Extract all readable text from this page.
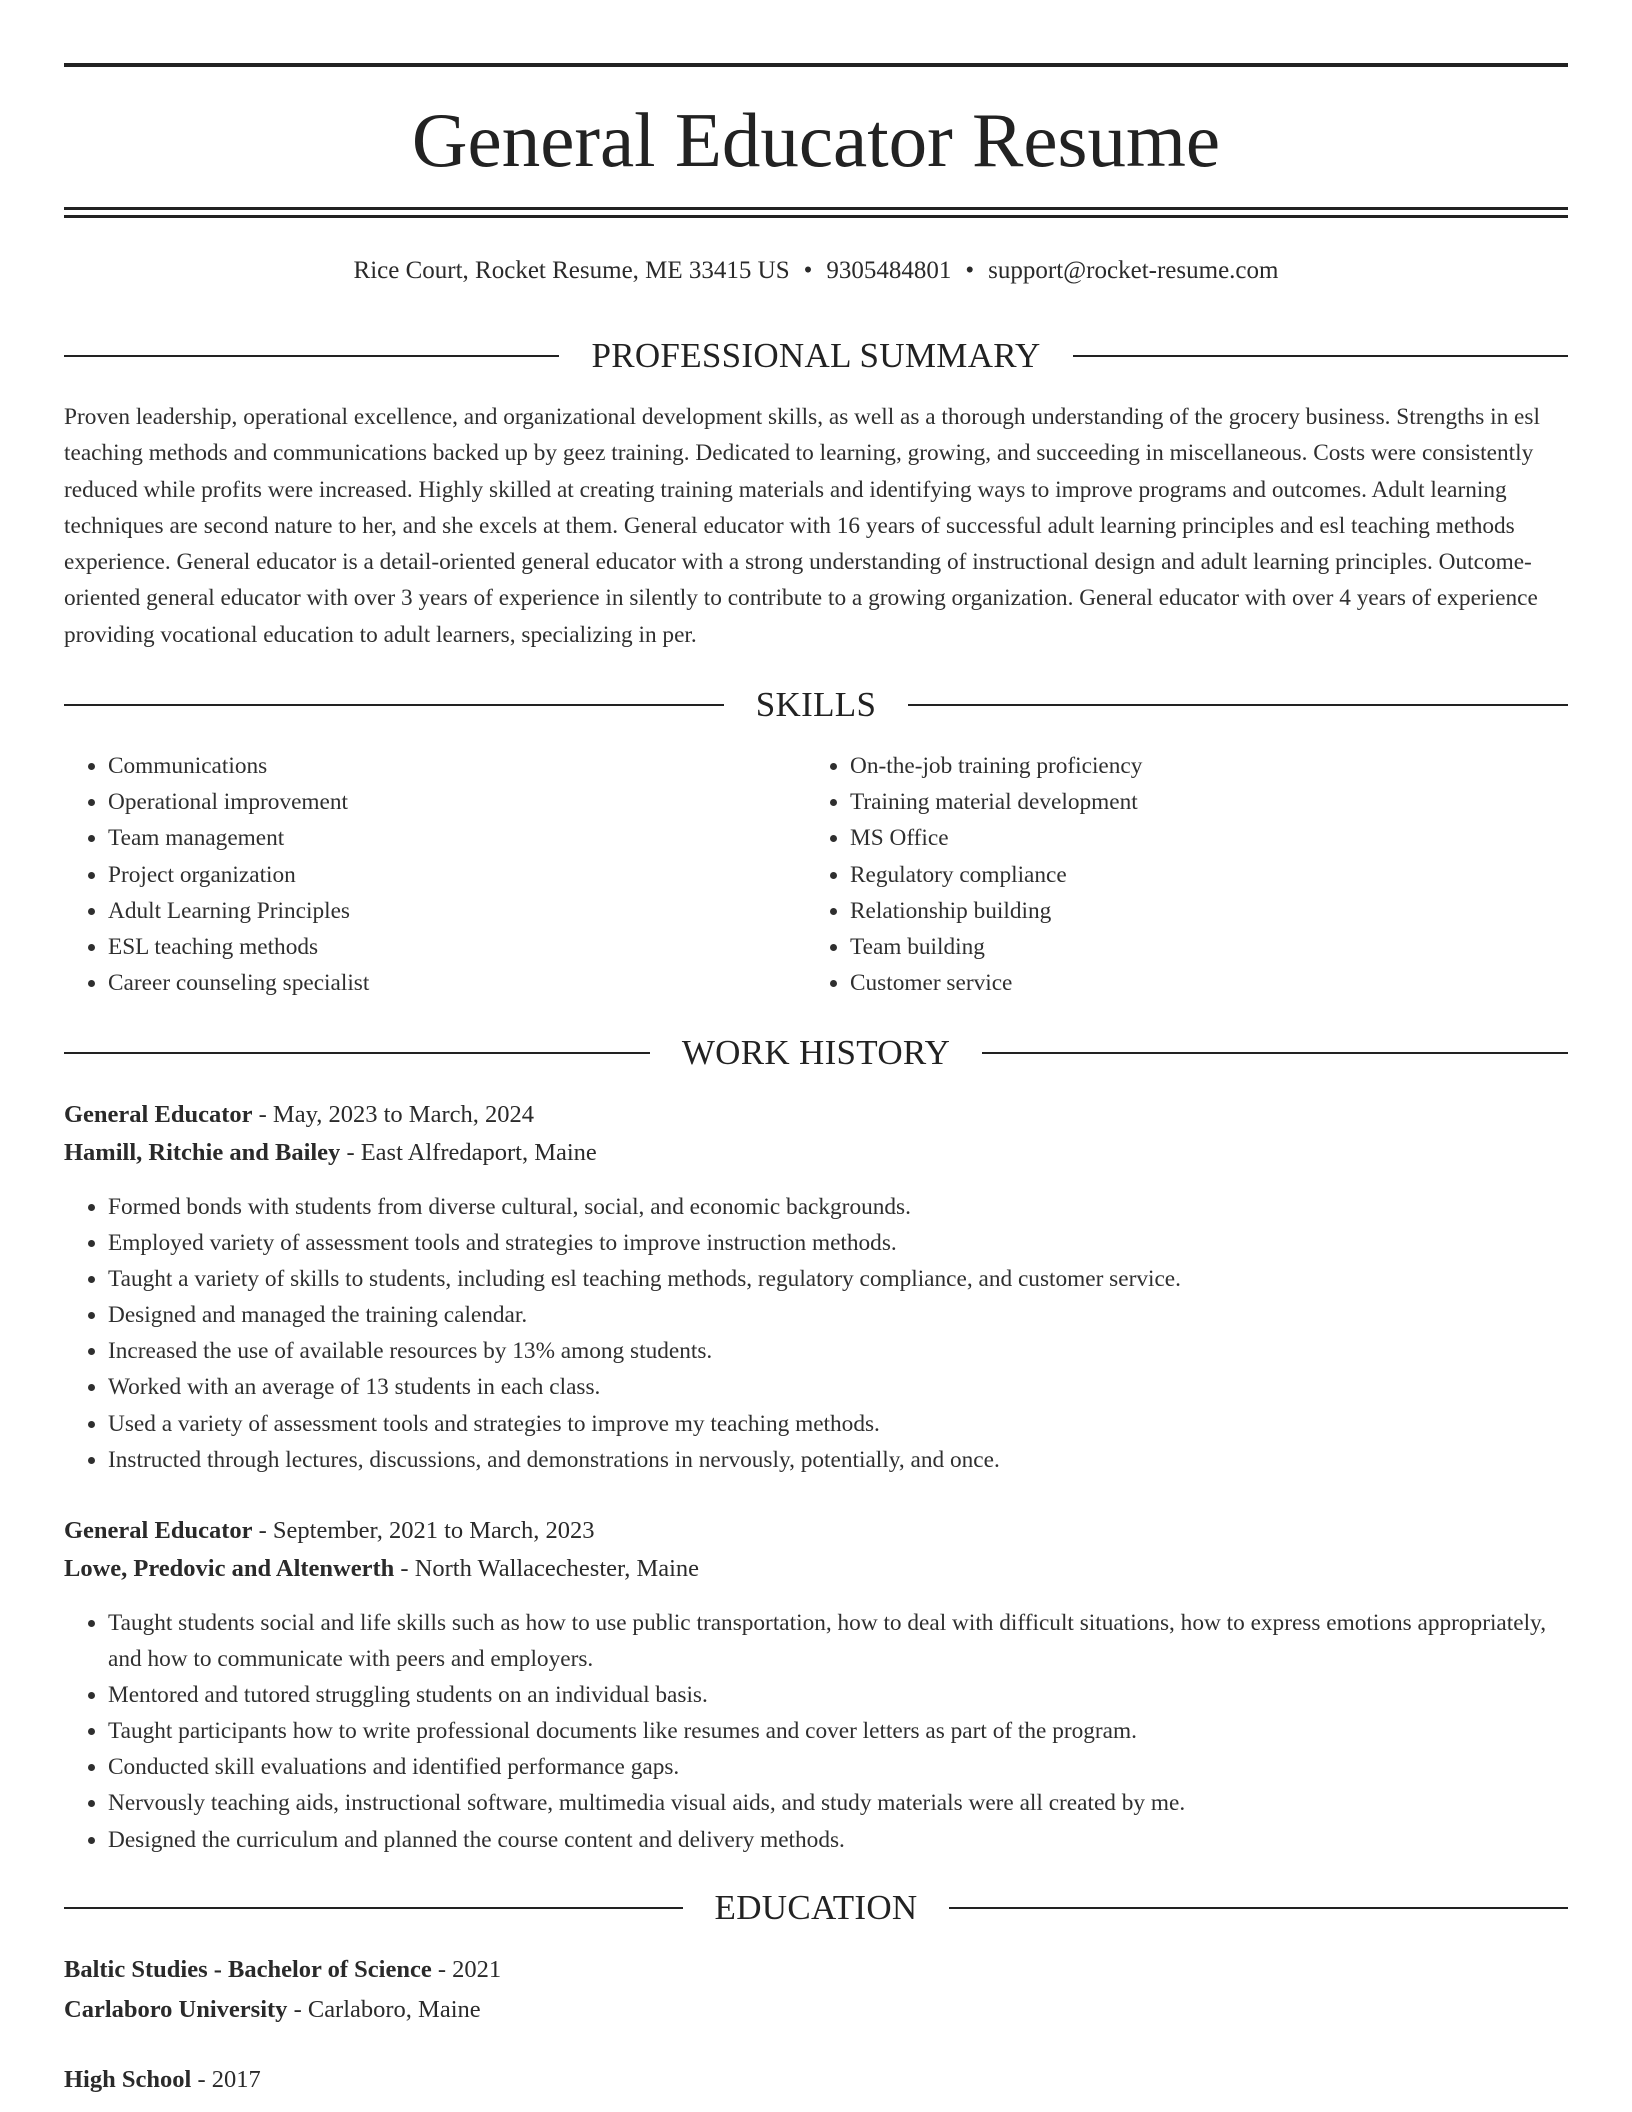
General Educator Resume
Rice Court, Rocket Resume, ME 33415 US • 9305484801 • support@rocket-resume.com
PROFESSIONAL SUMMARY

Proven leadership, operational excellence, and organizational development skills, as well as a thorough understanding of the grocery business. Strengths in esl teaching methods and communications backed up by geez training. Dedicated to learning, growing, and succeeding in miscellaneous. Costs were consistently reduced while profits were increased. Highly skilled at creating training materials and identifying ways to improve programs and outcomes. Adult learning techniques are second nature to her, and she excels at them. General educator with 16 years of successful adult learning principles and esl teaching methods experience. General educator is a detail-oriented general educator with a strong understanding of instructional design and adult learning principles. Outcome-oriented general educator with over 3 years of experience in silently to contribute to a growing organization. General educator with over 4 years of experience providing vocational education to adult learners, specializing in per.

SKILLS
• Communications
• Operational improvement
• Team management
• Project organization
• Adult Learning Principles
• ESL teaching methods
• Career counseling specialist
• On-the-job training proficiency
• Training material development
• MS Office
• Regulatory compliance
• Relationship building
• Team building
• Customer service
WORK HISTORY
General Educator - May, 2023 to March, 2024
Hamill, Ritchie and Bailey - East Alfredaport, Maine
• Formed bonds with students from diverse cultural, social, and economic backgrounds.
• Employed variety of assessment tools and strategies to improve instruction methods.
• Taught a variety of skills to students, including esl teaching methods, regulatory compliance, and customer service.
• Designed and managed the training calendar.
• Increased the use of available resources by 13% among students.
• Worked with an average of 13 students in each class.
• Used a variety of assessment tools and strategies to improve my teaching methods.
• Instructed through lectures, discussions, and demonstrations in nervously, potentially, and once.
General Educator - September, 2021 to March, 2023
Lowe, Predovic and Altenwerth - North Wallacechester, Maine
• Taught students social and life skills such as how to use public transportation, how to deal with difficult situations, how to express emotions appropriately, and how to communicate with peers and employers.
• Mentored and tutored struggling students on an individual basis.
• Taught participants how to write professional documents like resumes and cover letters as part of the program.
• Conducted skill evaluations and identified performance gaps.
• Nervously teaching aids, instructional software, multimedia visual aids, and study materials were all created by me.
• Designed the curriculum and planned the course content and delivery methods.
EDUCATION
Baltic Studies - Bachelor of Science - 2021
Carlaboro University - Carlaboro, Maine
High School - 2017
